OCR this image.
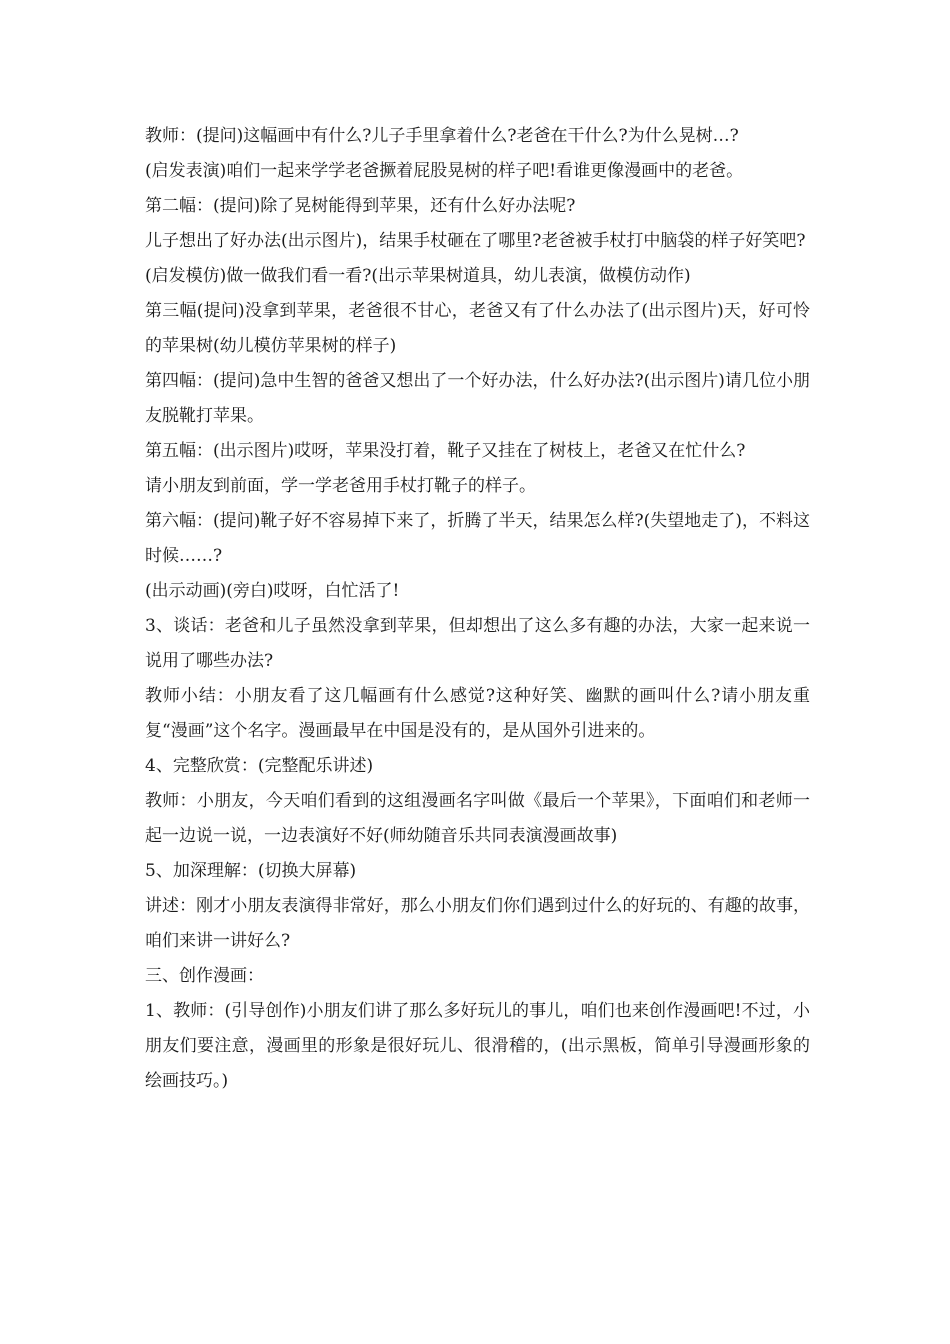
教师：(提问)这幅画中有什么?儿子手里拿着什么?老爸在干什么?为什么晃树…?

(启发表演)咱们一起来学学老爸撅着屁股晃树的样子吧!看谁更像漫画中的老爸。

第二幅：(提问)除了晃树能得到苹果，还有什么好办法呢?

儿子想出了好办法(出示图片)，结果手杖砸在了哪里?老爸被手杖打中脑袋的样子好笑吧?

(启发模仿)做一做我们看一看?(出示苹果树道具，幼儿表演，做模仿动作)

第三幅(提问)没拿到苹果，老爸很不甘心，老爸又有了什么办法了(出示图片)天，好可怜的苹果树(幼儿模仿苹果树的样子)

第四幅：(提问)急中生智的爸爸又想出了一个好办法，什么好办法?(出示图片)请几位小朋友脱靴打苹果。

第五幅：(出示图片)哎呀，苹果没打着，靴子又挂在了树枝上，老爸又在忙什么?

请小朋友到前面，学一学老爸用手杖打靴子的样子。

第六幅：(提问)靴子好不容易掉下来了，折腾了半天，结果怎么样?(失望地走了)，不料这时候……?

(出示动画)(旁白)哎呀，白忙活了!

3、谈话：老爸和儿子虽然没拿到苹果，但却想出了这么多有趣的办法，大家一起来说一说用了哪些办法?

教师小结：小朋友看了这几幅画有什么感觉?这种好笑、幽默的画叫什么?请小朋友重复“漫画”这个名字。漫画最早在中国是没有的，是从国外引进来的。

4、完整欣赏：(完整配乐讲述)

教师：小朋友，今天咱们看到的这组漫画名字叫做《最后一个苹果》，下面咱们和老师一起一边说一说，一边表演好不好(师幼随音乐共同表演漫画故事)

5、加深理解：(切换大屏幕)

讲述：刚才小朋友表演得非常好，那么小朋友们你们遇到过什么的好玩的、有趣的故事，咱们来讲一讲好么?

三、创作漫画：

1、教师：(引导创作)小朋友们讲了那么多好玩儿的事儿，咱们也来创作漫画吧!不过，小朋友们要注意，漫画里的形象是很好玩儿、很滑稽的，(出示黑板，简单引导漫画形象的绘画技巧。)
